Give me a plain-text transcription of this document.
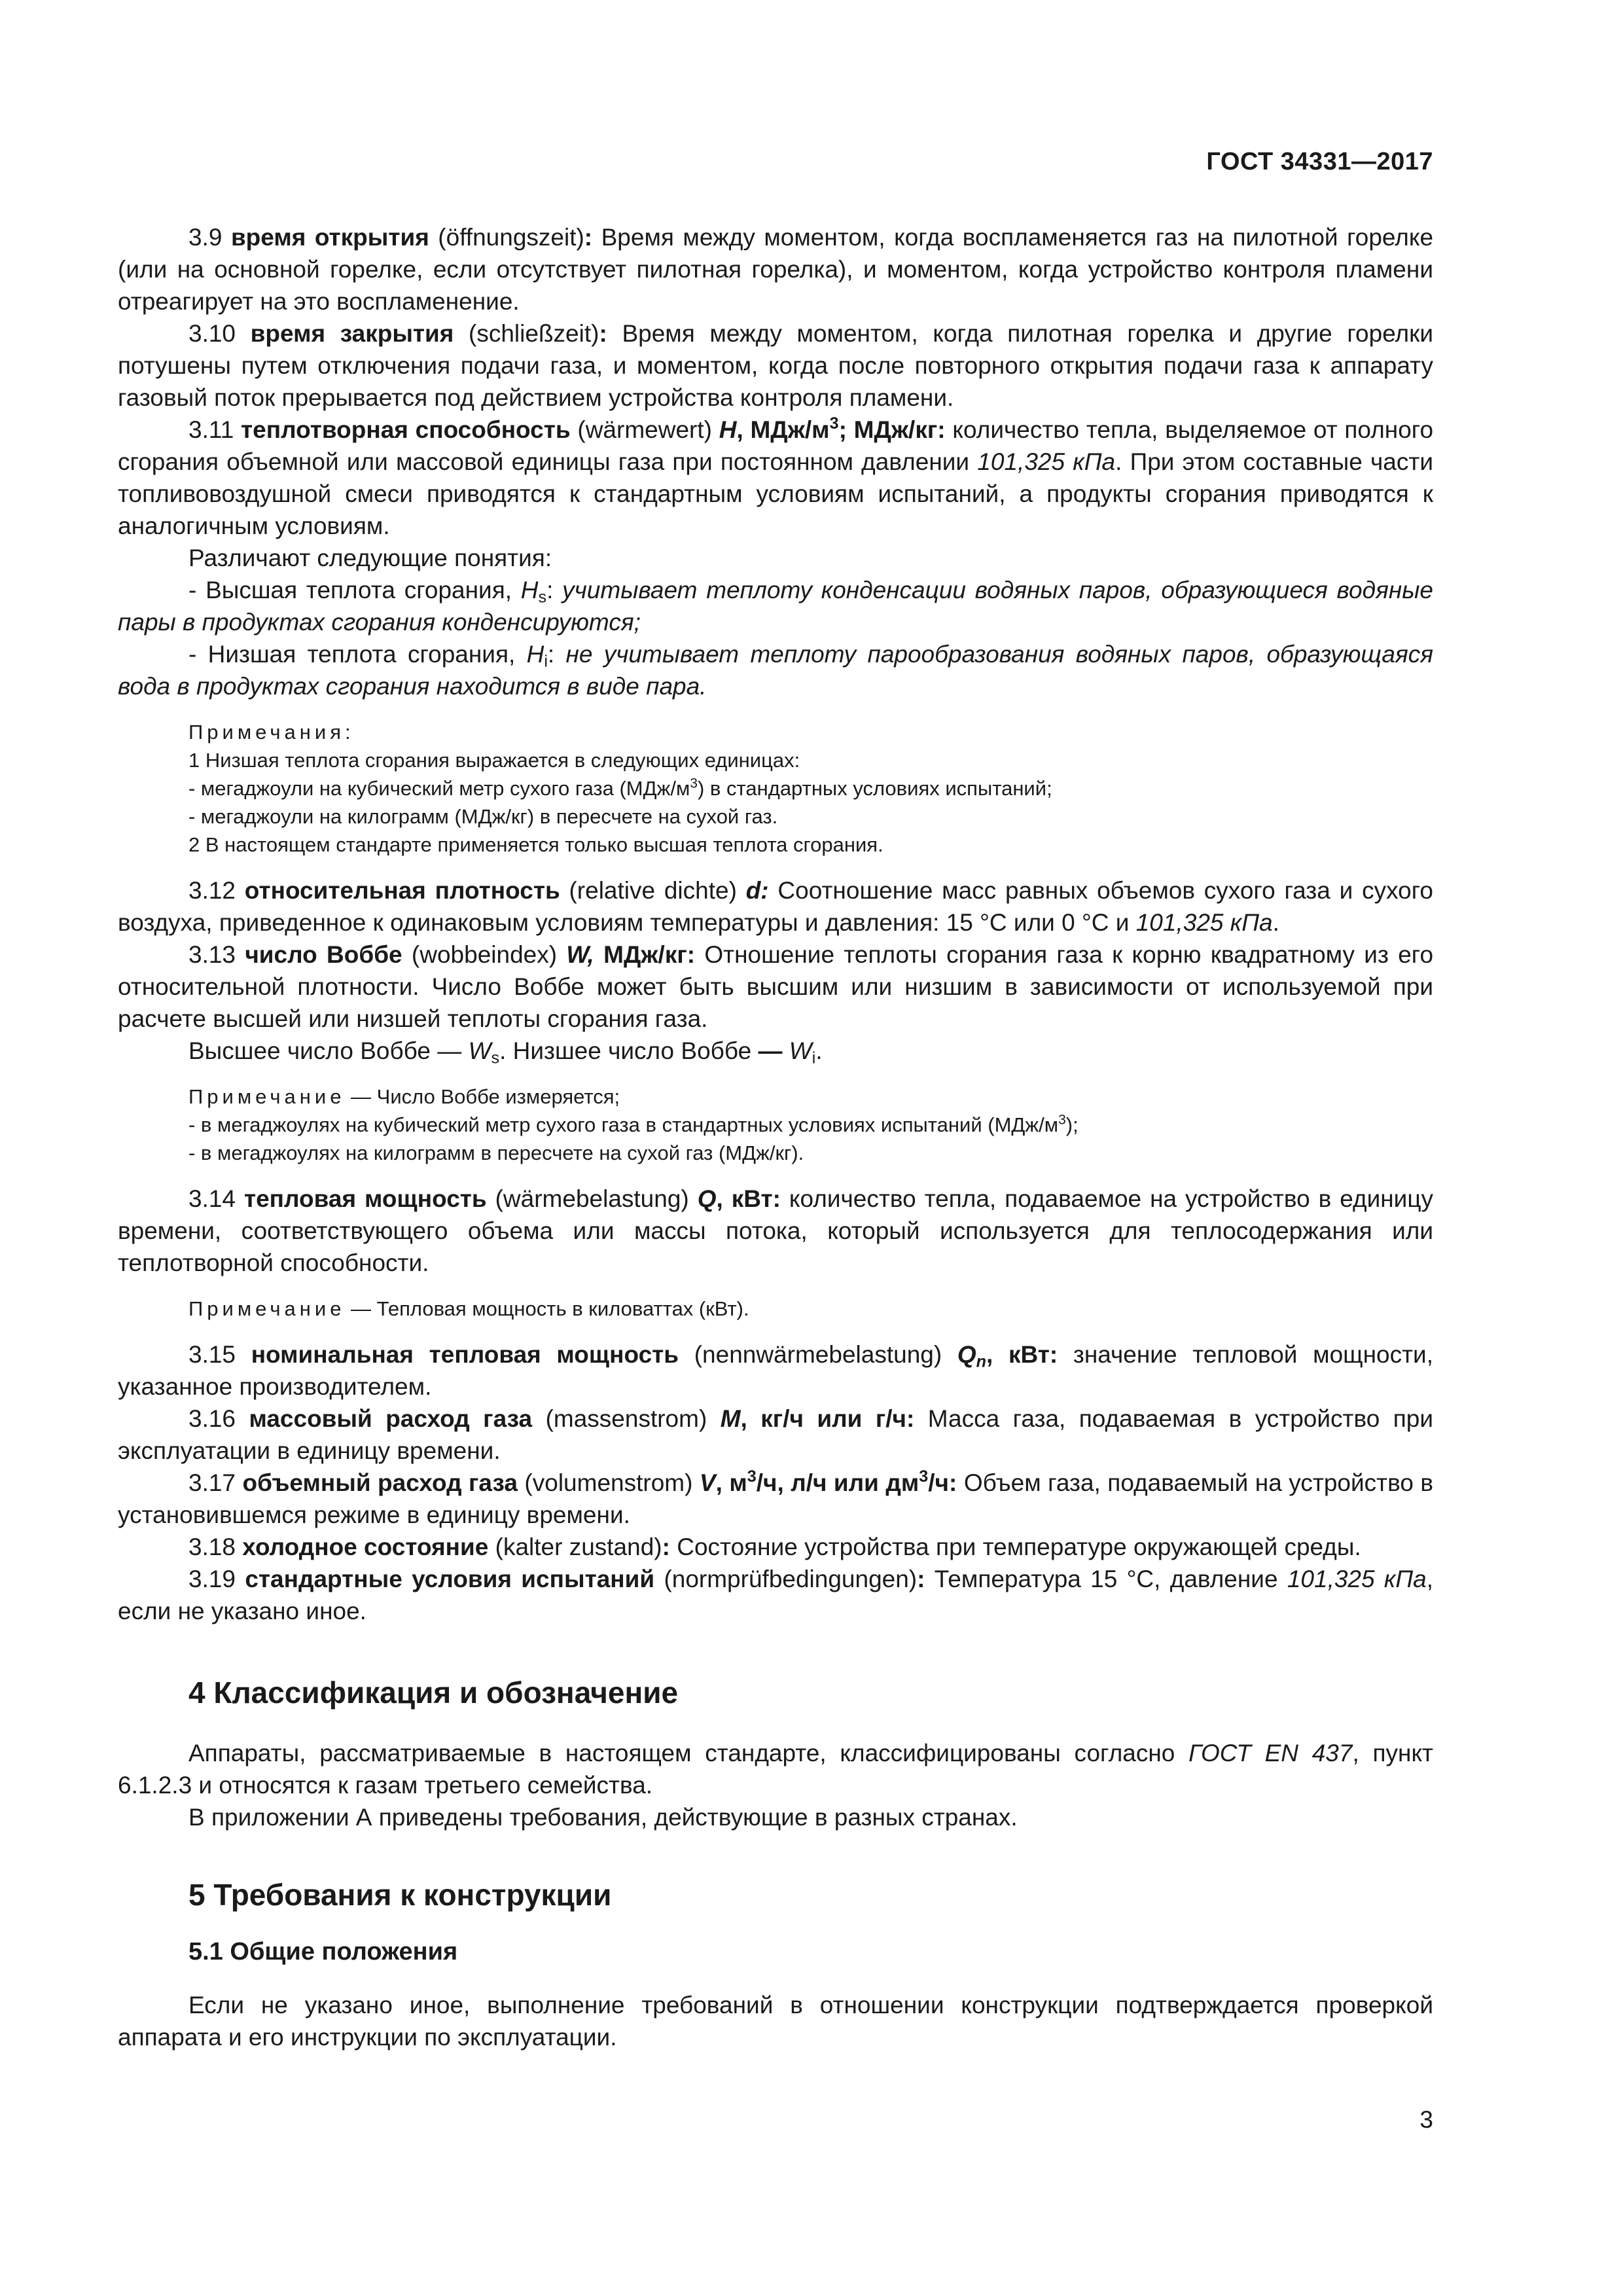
ГОСТ 34331—2017

3.9 время открытия (öffnungszeit): Время между моментом, когда воспламеняется газ на пилотной горелке (или на основной горелке, если отсутствует пилотная горелка), и моментом, когда устройство контроля пламени отреагирует на это воспламенение.

3.10 время закрытия (schließzeit): Время между моментом, когда пилотная горелка и другие горелки потушены путем отключения подачи газа, и моментом, когда после повторного открытия подачи газа к аппарату газовый поток прерывается под действием устройства контроля пламени.

3.11 теплотворная способность (wärmewert) H, МДж/$м^3$; МДж/кг: количество тепла, выделяемое от полного сгорания объемной или массовой единицы газа при постоянном давлении 101,325 кПа. При этом составные части топливовоздушной смеси приводятся к стандартным условиям испытаний, а продукты сгорания приводятся к аналогичным условиям.

Различают следующие понятия:

- Высшая теплота сгорания, $H_s$: учитывает теплоту конденсации водяных паров, образующиеся водяные пары в продуктах сгорания конденсируются;

- Низшая теплота сгорания, $H_i$: не учитывает теплоту парообразования водяных паров, образующаяся вода в продуктах сгорания находится в виде пара.

Примечания:

1 Низшая теплота сгорания выражается в следующих единицах:

- мегаджоули на кубический метр сухого газа $(МДж/м^3)$ в стандартных условиях испытаний;

- мегаджоули на килограмм (МДж/кг) в пересчете на сухой газ.

2 В настоящем стандарте применяется только высшая теплота сгорания.

3.12 относительная плотность (relative dichte) d: Соотношение масс равных объемов сухого газа и сухого воздуха, приведенное к одинаковым условиям температуры и давления: 15 °С или 0 °С и 101,325 кПа.

3.13 число Воббе (wobbeindex) W, МДж/кг: Отношение теплоты сгорания газа к корню квадратному из его относительной плотности. Число Воббе может быть высшим или низшим в зависимости от используемой при расчете высшей или низшей теплоты сгорания газа.

Высшее число Воббе — $W_s$. Низшее число Воббе — $W_i$.

Примечание — Число Воббе измеряется;

- в мегаджоулях на кубический метр сухого газа в стандартных условиях испытаний $(МДж/м^3)$;

- в мегаджоулях на килограмм в пересчете на сухой газ (МДж/кг).

3.14 тепловая мощность (wärmebelastung) Q, кВт: количество тепла, подаваемое на устройство в единицу времени, соответствующего объема или массы потока, который используется для теплосодержания или теплотворной способности.

Примечание — Тепловая мощность в киловаттах (кВт).

3.15 номинальная тепловая мощность (nennwärmebelastung) $Q_n$, кВт: значение тепловой мощности, указанное производителем.

3.16 массовый расход газа (massenstrom) M, кг/ч или г/ч: Масса газа, подаваемая в устройство при эксплуатации в единицу времени.

3.17 объемный расход газа (volumenstrom) V, $м^3/ч$, л/ч или $дм^3/ч$: Объем газа, подаваемый на устройство в установившемся режиме в единицу времени.

3.18 холодное состояние (kalter zustand): Состояние устройства при температуре окружающей среды.

3.19 стандартные условия испытаний (normprüfbedingungen): Температура 15 °С, давление 101,325 кПа, если не указано иное.

4 Классификация и обозначение

Аппараты, рассматриваемые в настоящем стандарте, классифицированы согласно ГОСТ EN 437, пункт 6.1.2.3 и относятся к газам третьего семейства.

В приложении А приведены требования, действующие в разных странах.

5 Требования к конструкции
5.1 Общие положения

Если не указано иное, выполнение требований в отношении конструкции подтверждается проверкой аппарата и его инструкции по эксплуатации.

3
